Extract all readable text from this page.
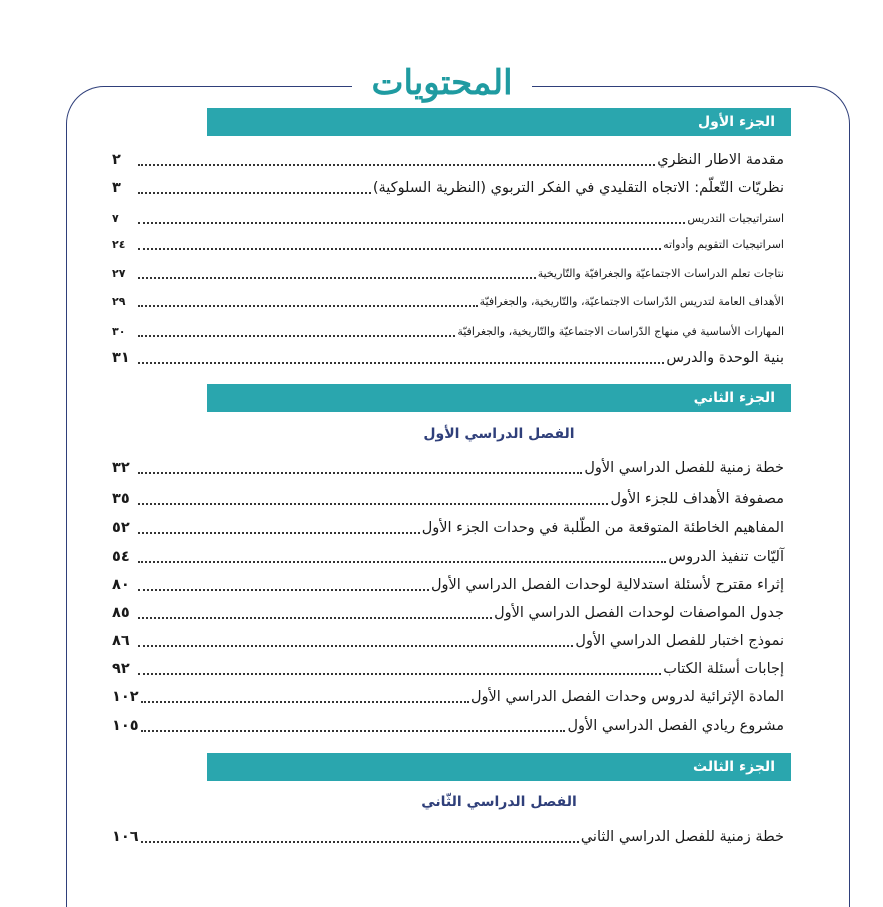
المحتويات
الجزء الأول
مقدمة الاطار النظري
٢
نظريّات التّعلّم: الاتجاه التقليدي في الفكر التربوي (النظرية السلوكية)
٣
استراتيجيات التدريس
٧
اسراتيجيات التقويم وأدواته
٢٤
نتاجات تعلم الدراسات الاجتماعيّة والجغرافيّة والتّاريخية
٢٧
الأهداف العامة لتدريس الدّراسات الاجتماعيّة، والتّاريخية، والجغرافيّة
٢٩
المهارات الأساسية في منهاج الدّراسات الاجتماعيّة والتّاريخية، والجغرافيّة
٣٠
بنية الوحدة والدرس
٣١
الجزء الثاني
الفصل الدراسي الأول
خطة زمنية للفصل الدراسي الأول
٣٢
مصفوفة الأهداف للجزء الأول
٣٥
المفاهيم الخاطئة المتوقعة من الطّلبة في وحدات الجزء الأول
٥٢
آليّات تنفيذ الدروس
٥٤
إثراء مقترح لأسئلة استدلالية لوحدات الفصل الدراسي الأول
٨٠
جدول المواصفات لوحدات الفصل الدراسي الأول
٨٥
نموذج اختبار للفصل الدراسي الأول
٨٦
إجابات أسئلة الكتاب
٩٢
المادة الإثرائية لدروس وحدات الفصل الدراسي الأول
١٠٢
مشروع ريادي الفصل الدراسي الأول
١٠٥
الجزء الثالث
الفصل الدراسي الثّاني
خطة زمنية للفصل الدراسي الثاني
١٠٦
